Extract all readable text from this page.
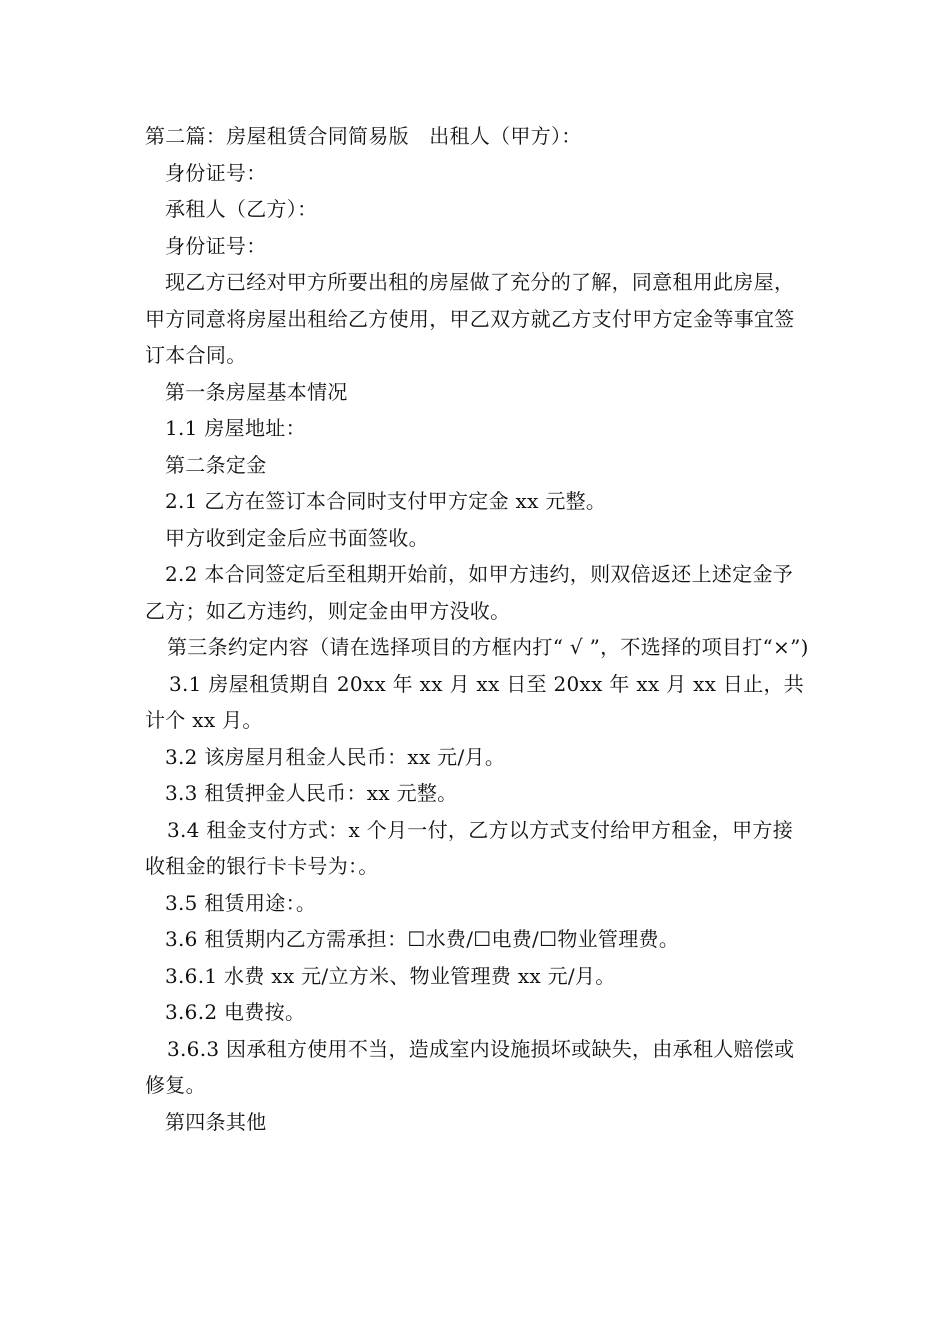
第二篇：房屋租赁合同简易版　出租人（甲方）：

身份证号：

承租人（乙方）：

身份证号：

现乙方已经对甲方所要出租的房屋做了充分的了解，同意租用此房屋，甲方同意将房屋出租给乙方使用，甲乙双方就乙方支付甲方定金等事宜签订本合同。

第一条房屋基本情况

1.1 房屋地址：

第二条定金

2.1 乙方在签订本合同时支付甲方定金 xx 元整。

甲方收到定金后应书面签收。

2.2 本合同签定后至租期开始前，如甲方违约，则双倍返还上述定金予乙方；如乙方违约，则定金由甲方没收。

第三条约定内容（请在选择项目的方框内打“ √ ”，不选择的项目打“×”)

3.1 房屋租赁期自 20xx 年 xx 月 xx 日至 20xx 年 xx 月 xx 日止，共计个 xx 月。

3.2 该房屋月租金人民币：xx 元/月。

3.3 租赁押金人民币：xx 元整。

3.4 租金支付方式：x 个月一付，乙方以方式支付给甲方租金，甲方接收租金的银行卡卡号为：。

3.5 租赁用途：。

3.6 租赁期内乙方需承担：☐水费/☐电费/☐物业管理费。

3.6.1 水费 xx 元/立方米、物业管理费 xx 元/月。

3.6.2 电费按。

3.6.3 因承租方使用不当，造成室内设施损坏或缺失，由承租人赔偿或修复。

第四条其他
